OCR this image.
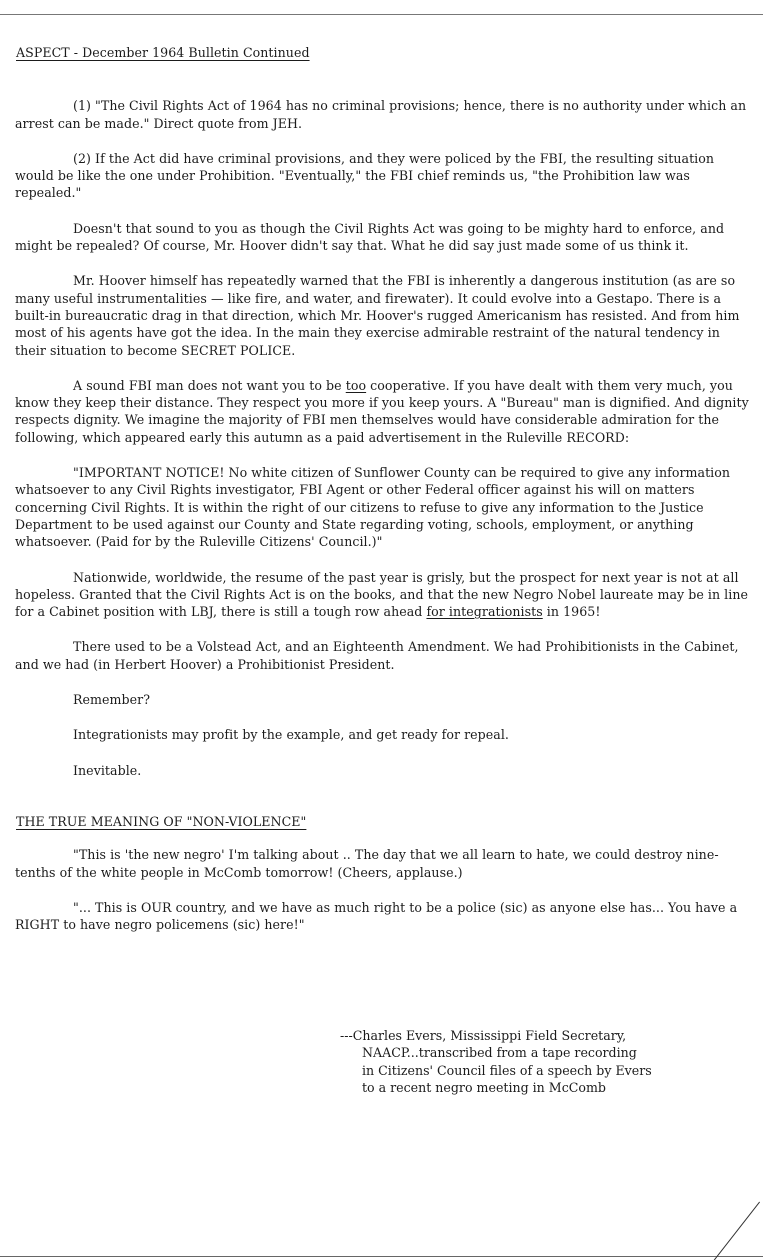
ASPECT - December 1964 Bulletin Continued

(1) "The Civil Rights Act of 1964 has no criminal provisions; hence, there is no authority under which an arrest can be made." Direct quote from JEH.

(2) If the Act did have criminal provisions, and they were policed by the FBI, the resulting situation would be like the one under Prohibition. "Eventually," the FBI chief reminds us, "the Prohibition law was repealed."

Doesn't that sound to you as though the Civil Rights Act was going to be mighty hard to enforce, and might be repealed? Of course, Mr. Hoover didn't say that. What he did say just made some of us think it.

Mr. Hoover himself has repeatedly warned that the FBI is inherently a dangerous institution (as are so many useful instrumentalities — like fire, and water, and firewater). It could evolve into a Gestapo. There is a built-in bureaucratic drag in that direction, which Mr. Hoover's rugged Americanism has resisted. And from him most of his agents have got the idea. In the main they exercise admirable restraint of the natural tendency in their situation to become SECRET POLICE.

A sound FBI man does not want you to be too cooperative. If you have dealt with them very much, you know they keep their distance. They respect you more if you keep yours. A "Bureau" man is dignified. And dignity respects dignity. We imagine the majority of FBI men themselves would have considerable admiration for the following, which appeared early this autumn as a paid advertisement in the Ruleville RECORD:

"IMPORTANT NOTICE! No white citizen of Sunflower County can be required to give any information whatsoever to any Civil Rights investigator, FBI Agent or other Federal officer against his will on matters concerning Civil Rights. It is within the right of our citizens to refuse to give any information to the Justice Department to be used against our County and State regarding voting, schools, employment, or anything whatsoever. (Paid for by the Ruleville Citizens' Council.)"

Nationwide, worldwide, the resume of the past year is grisly, but the prospect for next year is not at all hopeless. Granted that the Civil Rights Act is on the books, and that the new Negro Nobel laureate may be in line for a Cabinet position with LBJ, there is still a tough row ahead for integrationists in 1965!

There used to be a Volstead Act, and an Eighteenth Amendment. We had Prohibitionists in the Cabinet, and we had (in Herbert Hoover) a Prohibitionist President.

Remember?

Integrationists may profit by the example, and get ready for repeal.

Inevitable.

THE TRUE MEANING OF "NON-VIOLENCE"

"This is 'the new negro' I'm talking about .. The day that we all learn to hate, we could destroy nine-tenths of the white people in McComb tomorrow! (Cheers, applause.)

"... This is OUR country, and we have as much right to be a police (sic) as anyone else has... You have a RIGHT to have negro policemens (sic) here!"

---Charles Evers, Mississippi Field Secretary,
NAACP...transcribed from a tape recording
in Citizens' Council files of a speech by Evers
to a recent negro meeting in McComb
